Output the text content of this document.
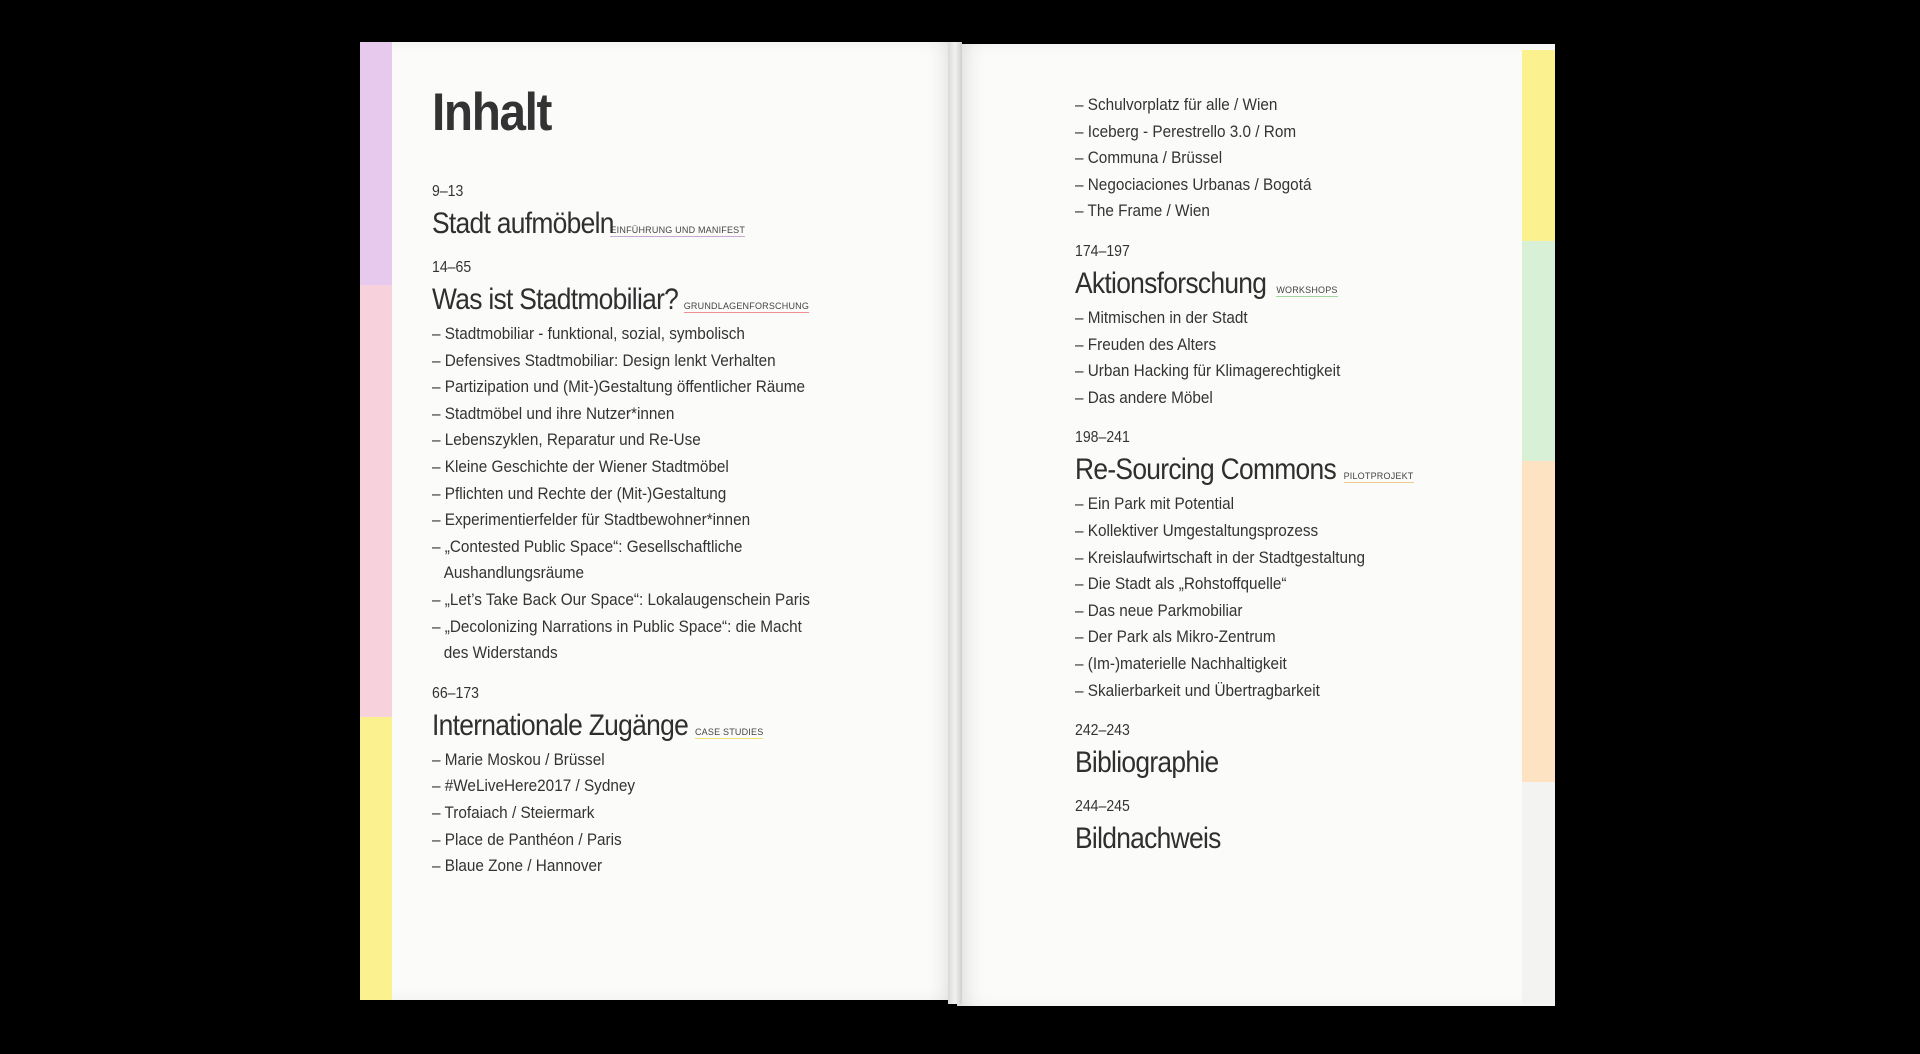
Inhalt
9–13
Stadt aufmöbeln
EINFÜHRUNG UND MANIFEST
14–65
Was ist Stadtmobiliar? GRUNDLAGENFORSCHUNG
– Stadtmobiliar - funktional, sozial, symbolisch
– Defensives Stadtmobiliar: Design lenkt Verhalten
– Partizipation und (Mit-)Gestaltung öffentlicher Räume
– Stadtmöbel und ihre Nutzer*innen
– Lebenszyklen, Reparatur und Re-Use
– Kleine Geschichte der Wiener Stadtmöbel
– Pflichten und Rechte der (Mit-)Gestaltung
– Experimentierfelder für Stadtbewohner*innen
– „Contested Public Space“: Gesellschaftliche
Aushandlungsräume
– „Let’s Take Back Our Space“: Lokalaugenschein Paris
– „Decolonizing Narrations in Public Space“: die Macht
des Widerstands
66–173
Internationale Zugänge CASE STUDIES
– Marie Moskou / Brüssel
– #WeLiveHere2017 / Sydney
– Trofaiach / Steiermark
– Place de Panthéon / Paris
– Blaue Zone / Hannover
– Schulvorplatz für alle / Wien
– Iceberg - Perestrello 3.0 / Rom
– Communa / Brüssel
– Negociaciones Urbanas / Bogotá
– The Frame / Wien
174–197
Aktionsforschung WORKSHOPS
– Mitmischen in der Stadt
– Freuden des Alters
– Urban Hacking für Klimagerechtigkeit
– Das andere Möbel
198–241
Re-Sourcing Commons PILOTPROJEKT
– Ein Park mit Potential
– Kollektiver Umgestaltungsprozess
– Kreislaufwirtschaft in der Stadtgestaltung
– Die Stadt als „Rohstoffquelle“
– Das neue Parkmobiliar
– Der Park als Mikro-Zentrum
– (Im-)materielle Nachhaltigkeit
– Skalierbarkeit und Übertragbarkeit
242–243
Bibliographie
244–245
Bildnachweis
